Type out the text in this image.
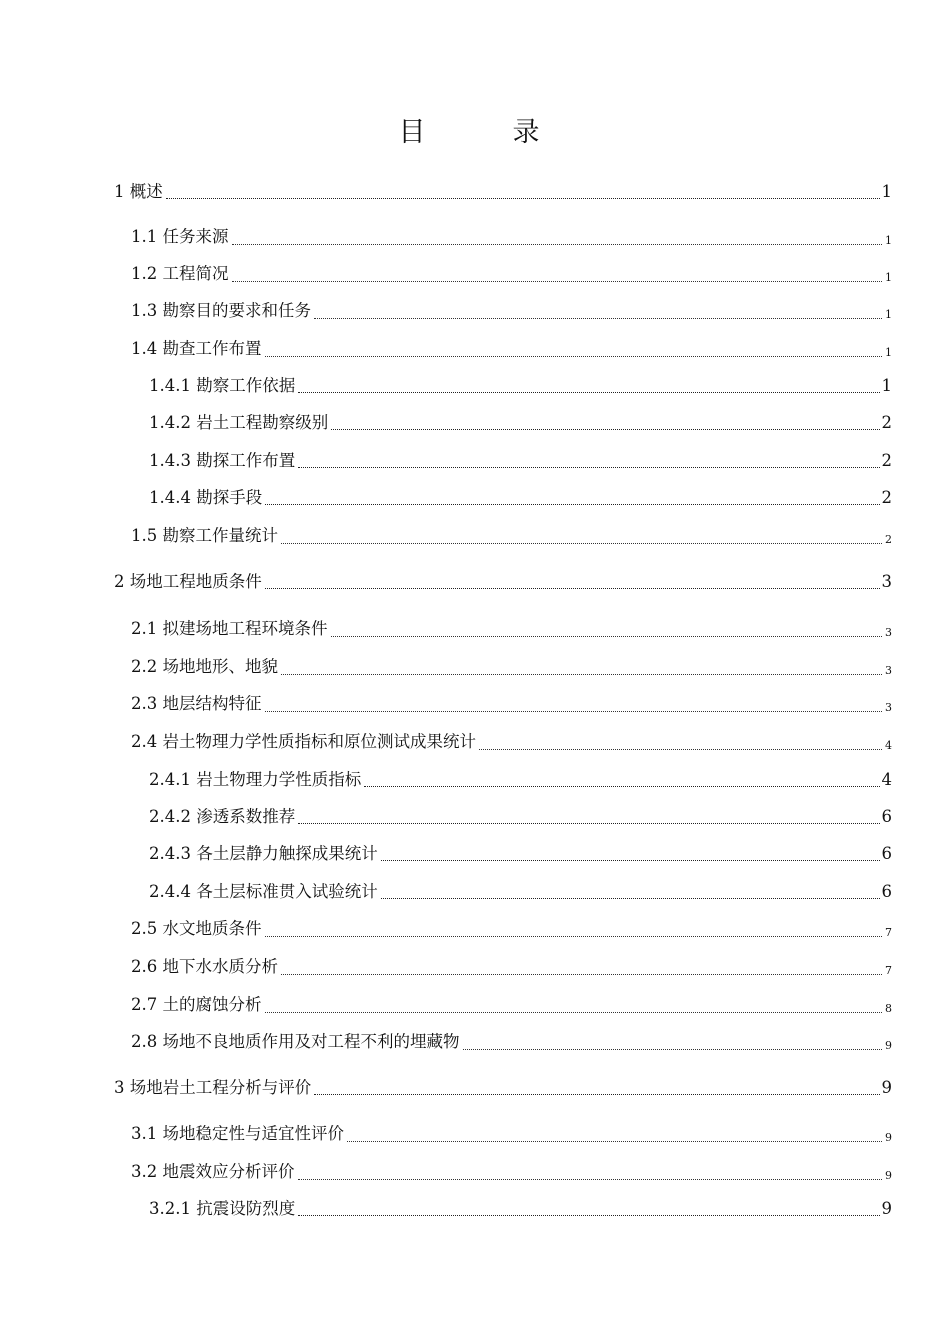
目　录
1 概述	1
1.1 任务来源	1
1.2 工程简况	1
1.3 勘察目的要求和任务	1
1.4 勘查工作布置	1
1.4.1 勘察工作依据	1
1.4.2 岩土工程勘察级别	2
1.4.3 勘探工作布置	2
1.4.4 勘探手段	2
1.5 勘察工作量统计	2
2 场地工程地质条件	3
2.1 拟建场地工程环境条件	3
2.2 场地地形、地貌	3
2.3 地层结构特征	3
2.4 岩土物理力学性质指标和原位测试成果统计	4
2.4.1 岩土物理力学性质指标	4
2.4.2 渗透系数推荐	6
2.4.3 各土层静力触探成果统计	6
2.4.4 各土层标准贯入试验统计	6
2.5 水文地质条件	7
2.6 地下水水质分析	7
2.7 土的腐蚀分析	8
2.8 场地不良地质作用及对工程不利的埋藏物	9
3 场地岩土工程分析与评价	9
3.1 场地稳定性与适宜性评价	9
3.2 地震效应分析评价	9
3.2.1 抗震设防烈度	9
